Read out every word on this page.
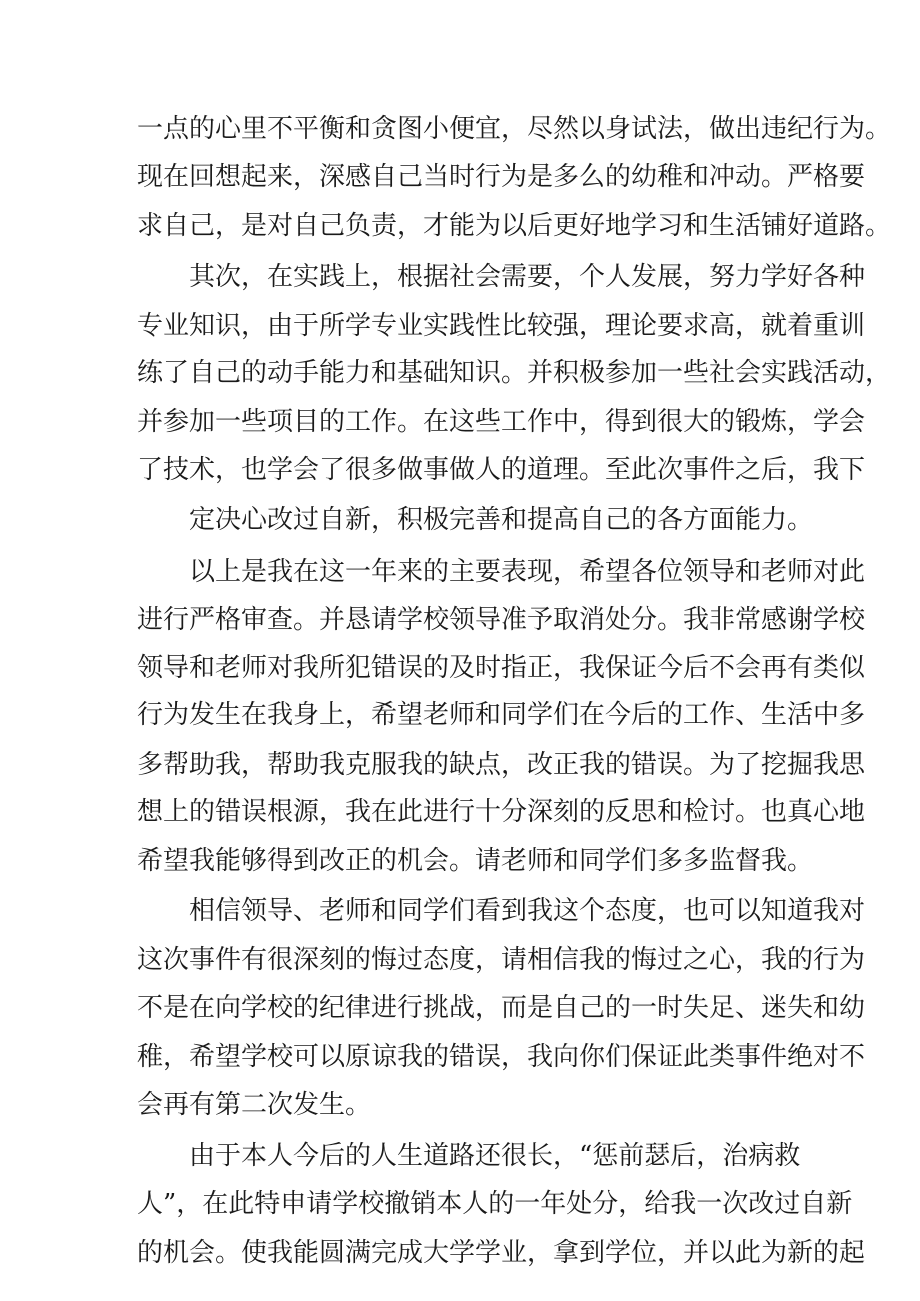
一点的心里不平衡和贪图小便宜，尽然以身试法，做出违纪行为。
现在回想起来，深感自己当时行为是多么的幼稚和冲动。严格要
求自己，是对自己负责，才能为以后更好地学习和生活铺好道路。
其次，在实践上，根据社会需要，个人发展，努力学好各种
专业知识，由于所学专业实践性比较强，理论要求高，就着重训
练了自己的动手能力和基础知识。并积极参加一些社会实践活动，
并参加一些项目的工作。在这些工作中，得到很大的锻炼，学会
了技术，也学会了很多做事做人的道理。至此次事件之后，我下
定决心改过自新，积极完善和提高自己的各方面能力。
以上是我在这一年来的主要表现，希望各位领导和老师对此
进行严格审查。并恳请学校领导准予取消处分。我非常感谢学校
领导和老师对我所犯错误的及时指正，我保证今后不会再有类似
行为发生在我身上，希望老师和同学们在今后的工作、生活中多
多帮助我，帮助我克服我的缺点，改正我的错误。为了挖掘我思
想上的错误根源，我在此进行十分深刻的反思和检讨。也真心地
希望我能够得到改正的机会。请老师和同学们多多监督我。
相信领导、老师和同学们看到我这个态度，也可以知道我对
这次事件有很深刻的悔过态度，请相信我的悔过之心，我的行为
不是在向学校的纪律进行挑战，而是自己的一时失足、迷失和幼
稚，希望学校可以原谅我的错误，我向你们保证此类事件绝对不
会再有第二次发生。
由于本人今后的人生道路还很长，“惩前瑟后，治病救
人”，在此特申请学校撤销本人的一年处分，给我一次改过自新
的机会。使我能圆满完成大学学业，拿到学位，并以此为新的起
